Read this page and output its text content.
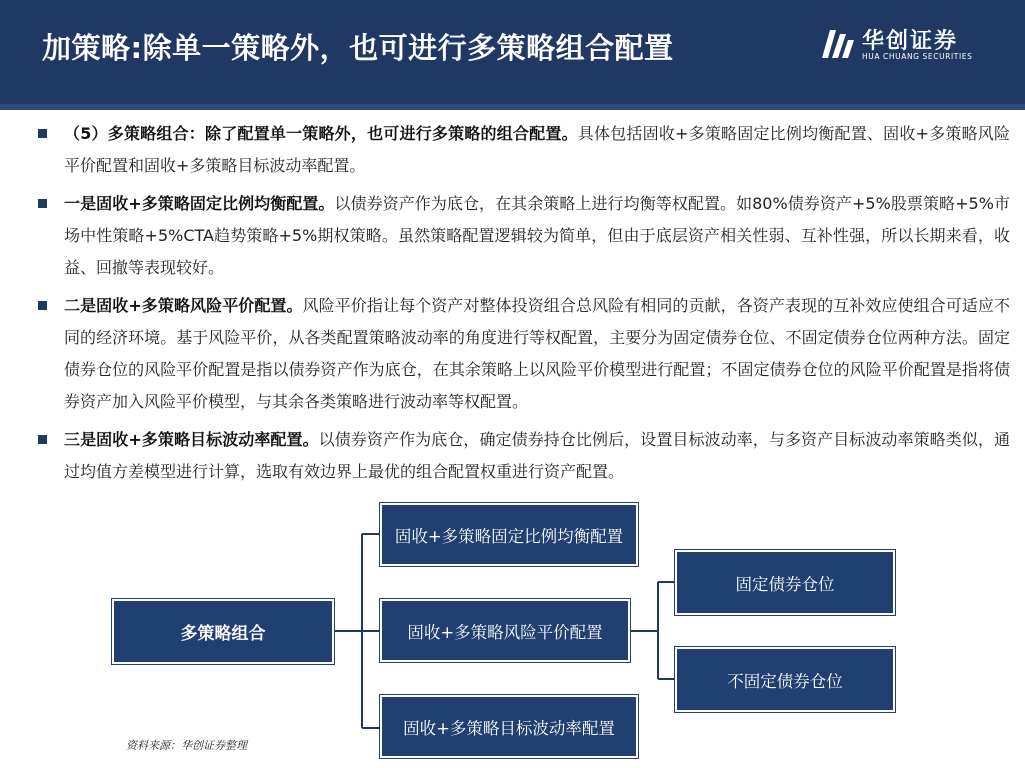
加策略:除单一策略外，也可进行多策略组合配置	华创证券
HUA CHUANG SECURITIES
（5）多策略组合：除了配置单一策略外，也可进行多策略的组合配置。具体包括固收+多策略固定比例均衡配置、固收+多策略风险平价配置和固收+多策略目标波动率配置。
一是固收+多策略固定比例均衡配置。以债券资产作为底仓，在其余策略上进行均衡等权配置。如80%债券资产+5%股票策略+5%市场中性策略+5%CTA趋势策略+5%期权策略。虽然策略配置逻辑较为简单，但由于底层资产相关性弱、互补性强，所以长期来看，收益、回撤等表现较好。
二是固收+多策略风险平价配置。风险平价指让每个资产对整体投资组合总风险有相同的贡献，各资产表现的互补效应使组合可适应不同的经济环境。基于风险平价，从各类配置策略波动率的角度进行等权配置，主要分为固定债券仓位、不固定债券仓位两种方法。固定债券仓位的风险平价配置是指以债券资产作为底仓，在其余策略上以风险平价模型进行配置；不固定债券仓位的风险平价配置是指将债券资产加入风险平价模型，与其余各类策略进行波动率等权配置。
三是固收+多策略目标波动率配置。以债券资产作为底仓，确定债券持仓比例后，设置目标波动率，与多资产目标波动率策略类似，通过均值方差模型进行计算，选取有效边界上最优的组合配置权重进行资产配置。
多策略组合
固收+多策略固定比例均衡配置
固收+多策略风险平价配置
固收+多策略目标波动率配置
固定债券仓位
不固定债券仓位
资料来源：华创证券整理
